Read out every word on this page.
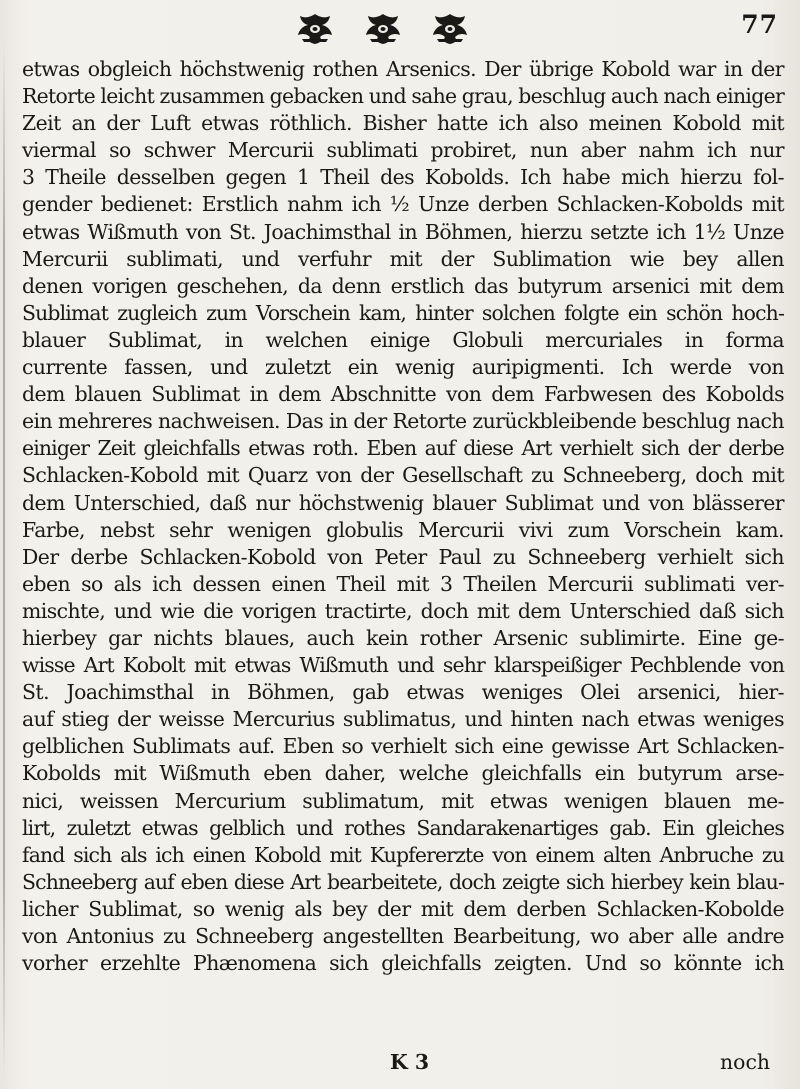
77
etwas obgleich höchstwenig rothen Arsenics. Der übrige Kobold war in der
Retorte leicht zusammen gebacken und sahe grau, beschlug auch nach einiger
Zeit an der Luft etwas röthlich. Bisher hatte ich also meinen Kobold mit
viermal so schwer Mercurii sublimati probiret, nun aber nahm ich nur
3 Theile desselben gegen 1 Theil des Kobolds. Ich habe mich hierzu fol-
gender bedienet: Erstlich nahm ich ½ Unze derben Schlacken-Kobolds mit
etwas Wißmuth von St. Joachimsthal in Böhmen, hierzu setzte ich 1½ Unze
Mercurii sublimati, und verfuhr mit der Sublimation wie bey allen
denen vorigen geschehen, da denn erstlich das butyrum arsenici mit dem
Sublimat zugleich zum Vorschein kam, hinter solchen folgte ein schön hoch-
blauer Sublimat, in welchen einige Globuli mercuriales in forma
currente fassen, und zuletzt ein wenig auripigmenti. Ich werde von
dem blauen Sublimat in dem Abschnitte von dem Farbwesen des Kobolds
ein mehreres nachweisen. Das in der Retorte zurückbleibende beschlug nach
einiger Zeit gleichfalls etwas roth. Eben auf diese Art verhielt sich der derbe
Schlacken-Kobold mit Quarz von der Gesellschaft zu Schneeberg, doch mit
dem Unterschied, daß nur höchstwenig blauer Sublimat und von blässerer
Farbe, nebst sehr wenigen globulis Mercurii vivi zum Vorschein kam.
Der derbe Schlacken-Kobold von Peter Paul zu Schneeberg verhielt sich
eben so als ich dessen einen Theil mit 3 Theilen Mercurii sublimati ver-
mischte, und wie die vorigen tractirte, doch mit dem Unterschied daß sich
hierbey gar nichts blaues, auch kein rother Arsenic sublimirte. Eine ge-
wisse Art Kobolt mit etwas Wißmuth und sehr klarspeißiger Pechblende von
St. Joachimsthal in Böhmen, gab etwas weniges Olei arsenici, hier-
auf stieg der weisse Mercurius sublimatus, und hinten nach etwas weniges
gelblichen Sublimats auf. Eben so verhielt sich eine gewisse Art Schlacken-
Kobolds mit Wißmuth eben daher, welche gleichfalls ein butyrum arse-
nici, weissen Mercurium sublimatum, mit etwas wenigen blauen me-
lirt, zuletzt etwas gelblich und rothes Sandarakenartiges gab. Ein gleiches
fand sich als ich einen Kobold mit Kupfererzte von einem alten Anbruche zu
Schneeberg auf eben diese Art bearbeitete, doch zeigte sich hierbey kein blau-
licher Sublimat, so wenig als bey der mit dem derben Schlacken-Kobolde
von Antonius zu Schneeberg angestellten Bearbeitung, wo aber alle andre
vorher erzehlte Phænomena sich gleichfalls zeigten. Und so könnte ich
K 3	noch
